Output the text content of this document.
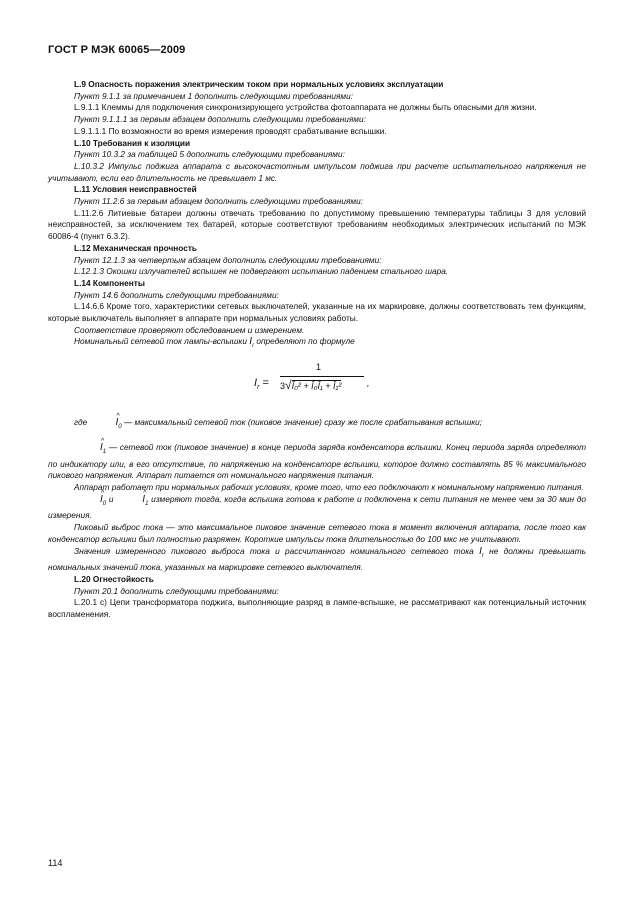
ГОСТ Р МЭК 60065—2009

L.9 Опасность поражения электрическим током при нормальных условиях эксплуатации

Пункт 9.1.1 за примечанием 1 дополнить следующими требованиями:

L.9.1.1 Клеммы для подключения синхронизирующего устройства фотоаппарата не должны быть опасными для жизни.

Пункт 9.1.1.1 за первым абзацем дополнить следующими требованиями:

L.9.1.1.1 По возможности во время измерения проводят срабатывание вспышки.

L.10 Требования к изоляции

Пункт 10.3.2 за таблицей 5 дополнить следующими требованиями:

L.10.3.2 Импульс поджига аппарата с высокочастотным импульсом поджига при расчете испытательного напряжения не учитывают, если его длительность не превышает 1 мс.

L.11 Условия неисправностей

Пункт 11.2.6 за первым абзацем дополнить следующими требованиями:

L.11.2.6 Литиевые батареи должны отвечать требованию по допустимому превышению температуры таблицы 3 для условий неисправностей, за исключением тех батарей, которые соответствуют требованиям необходимых электрических испытаний по МЭК 60086-4 (пункт 6.3.2).

L.12 Механическая прочность

Пункт 12.1.3 за четвертым абзацем дополнить следующими требованиями:

L.12.1.3 Окошки излучателей вспышек не подвергают испытанию падением стального шара.

L.14 Компоненты

Пункт 14.6 дополнить следующими требованиями:

L.14.6.6 Кроме того, характеристики сетевых выключателей, указанные на их маркировке, должны соответствовать тем функциям, которые выключатель выполняет в аппарате при нормальных условиях работы.

Соответствие проверяют обследованием и измерением.

Номинальный сетевой ток лампы-вспышки $I_r$ определяют по формуле

$I_r$ =
1
3√Î₀² + Î₀Î₁ + Î₁²	,

где	^ $I_0$ — максимальный сетевой ток (пиковое значение) сразу же после срабатывания вспышки;

^ $I_1$ — сетевой ток (пиковое значение) в конце периода заряда конденсатора вспышки. Конец периода заряда определяют по индикатору или, в его отсутствие, по напряжению на конденсаторе вспышки, которое должно составлять 85 % максимального пикового напряжения. Аппарат питается от номинального напряжения питания.

Аппарат работает при нормальных рабочих условиях, кроме того, что его подключают к номинальному напряжению питания.

^ $I_0$ и	^ $I_1$ измеряют тогда, когда вспышка готова к работе и подключена к сети питания не менее чем за 30 мин до измерения.

Пиковый выброс тока — это максимальное пиковое значение сетевого тока в момент включения аппарата, после того как конденсатор вспышки был полностью разряжен. Короткие импульсы тока длительностью до 100 мкс не учитывают.

Значения измеренного пикового выброса тока и рассчитанного номинального сетевого тока $I_r$ не должны превышать номинальных значений тока, указанных на маркировке сетевого выключателя.

L.20 Огнестойкость

Пункт 20.1 дополнить следующими требованиями:

L.20.1 c) Цепи трансформатора поджига, выполняющие разряд в лампе-вспышке, не рассматривают как потенциальный источник воспламенения.

114
